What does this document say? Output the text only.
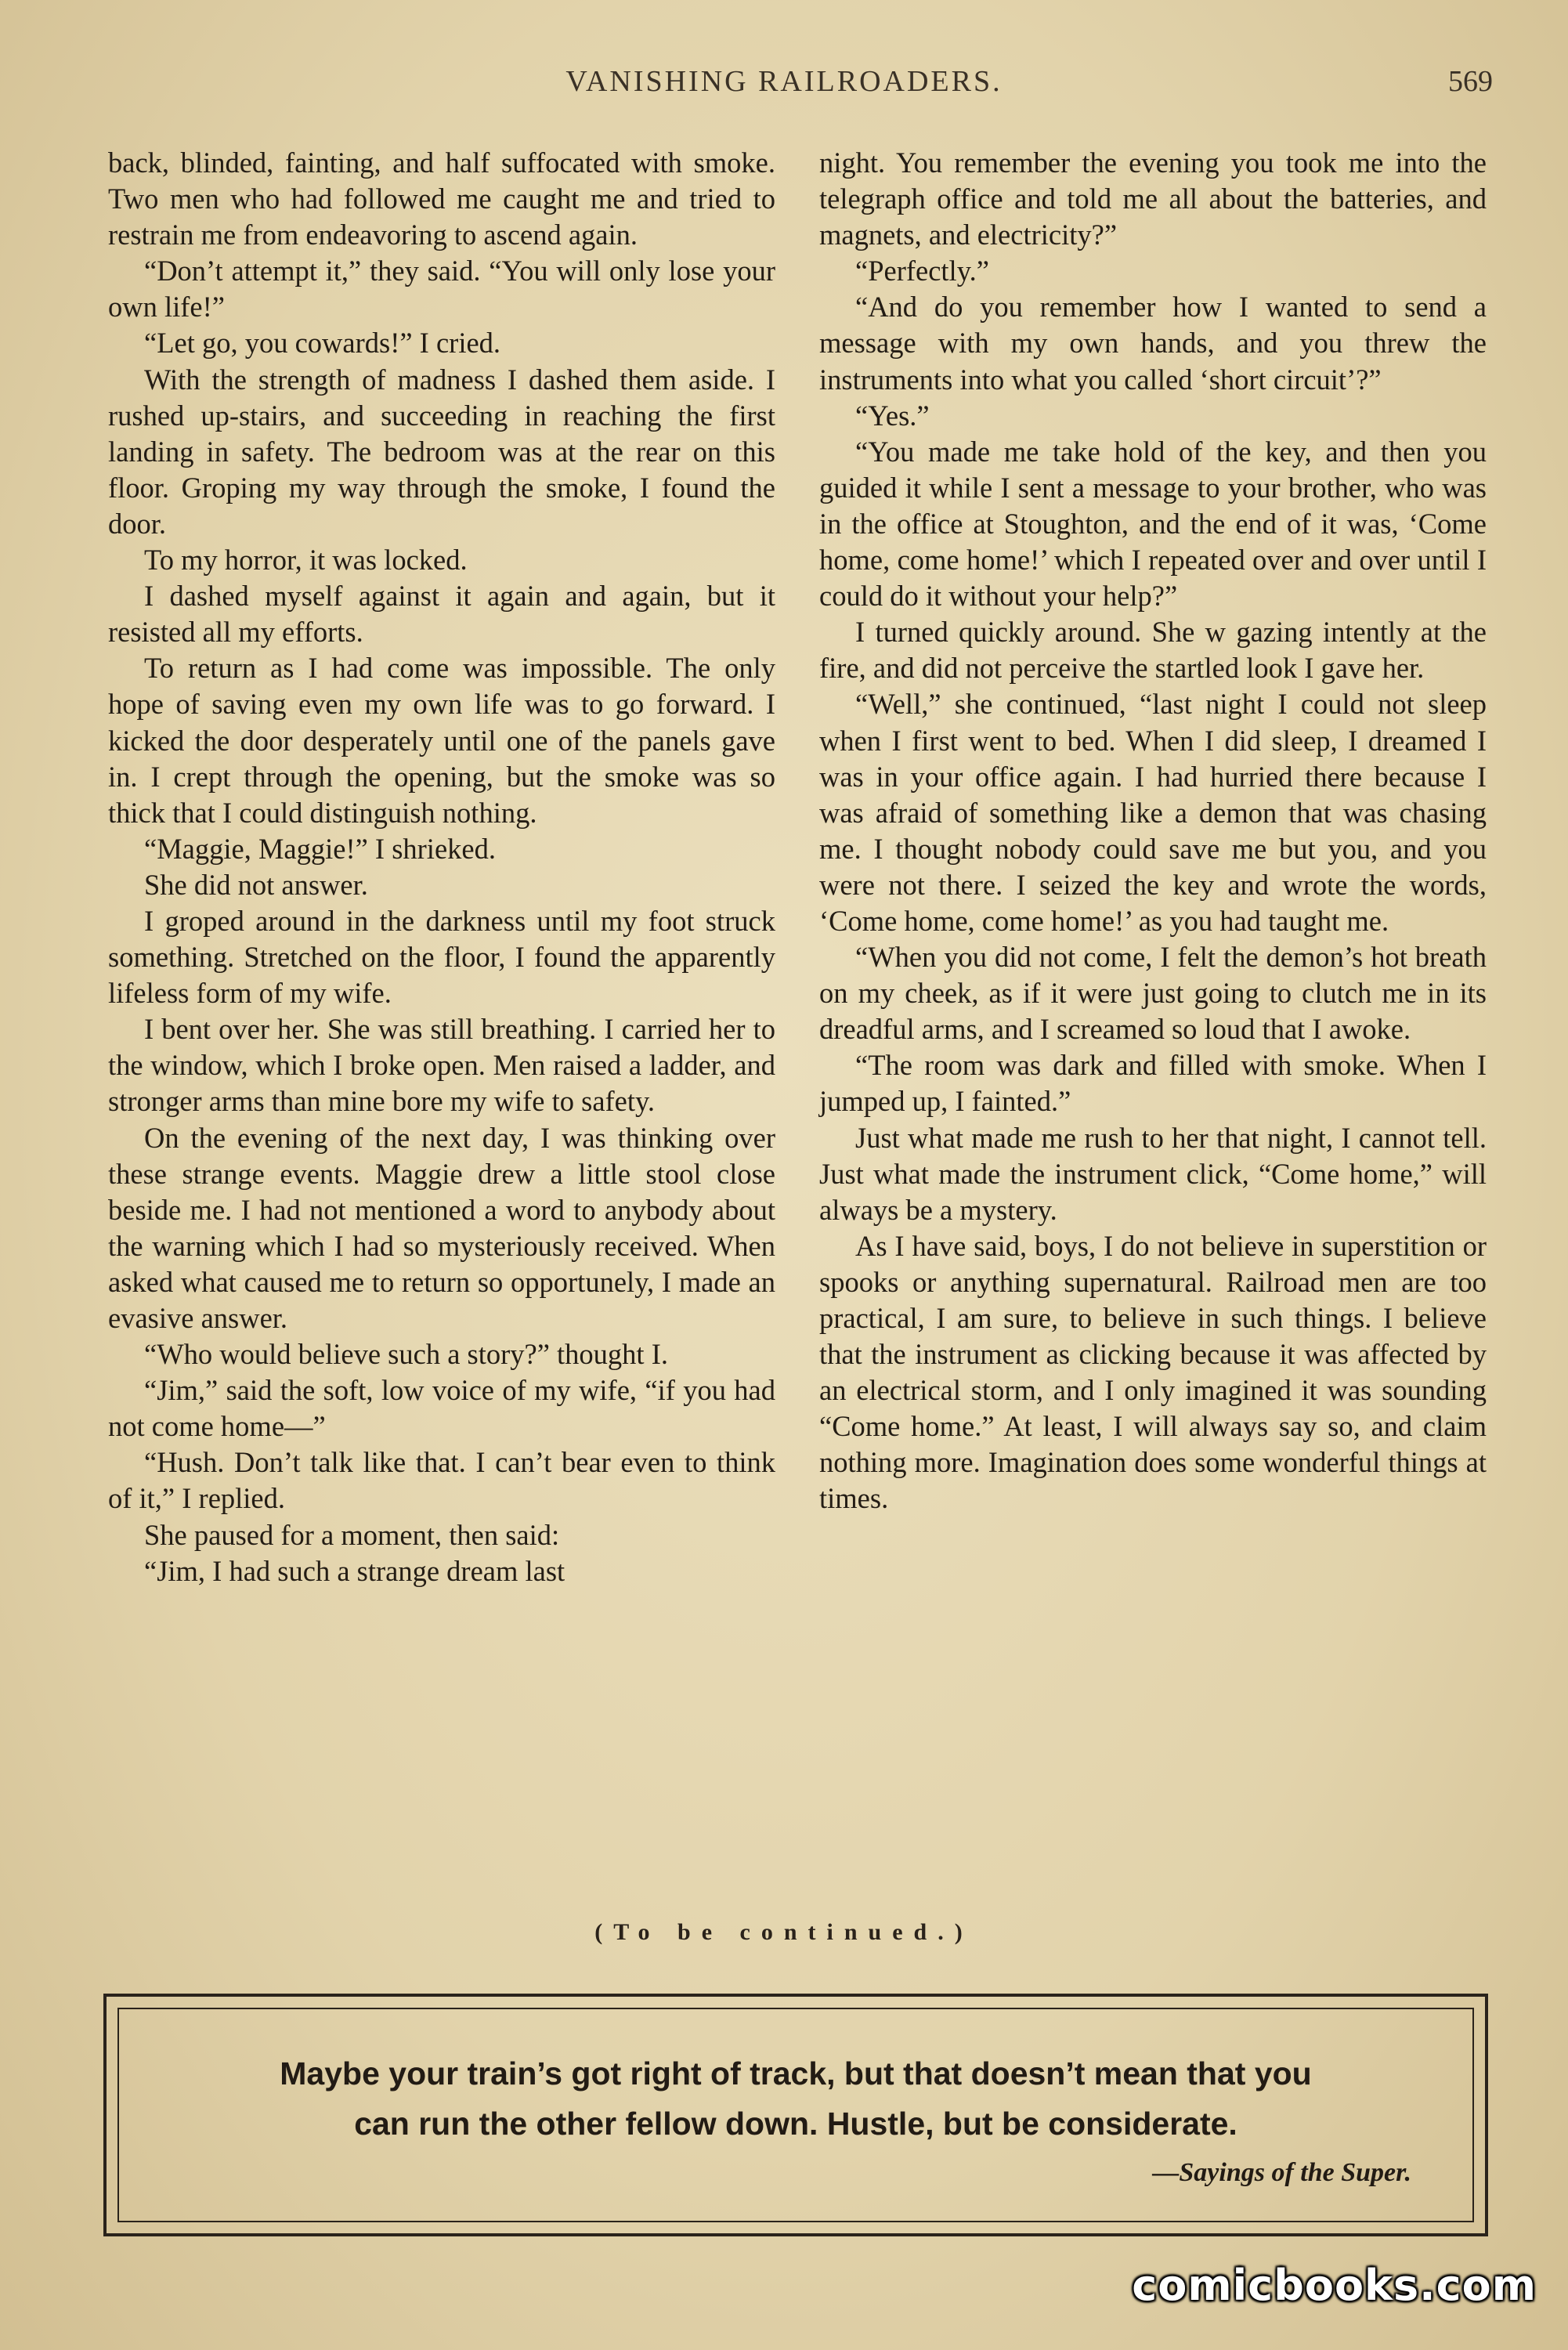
VANISHING RAILROADERS.	569

back, blinded, fainting, and half suffocated with smoke. Two men who had followed me caught me and tried to restrain me from endeavoring to ascend again.

“Don’t attempt it,” they said. “You will only lose your own life!”

“Let go, you cowards!” I cried.

With the strength of madness I dashed them aside. I rushed up-stairs, and succeeding in reaching the first landing in safety. The bedroom was at the rear on this floor. Groping my way through the smoke, I found the door.

To my horror, it was locked.

I dashed myself against it again and again, but it resisted all my efforts.

To return as I had come was impossible. The only hope of saving even my own life was to go forward. I kicked the door desperately until one of the panels gave in. I crept through the opening, but the smoke was so thick that I could distinguish nothing.

“Maggie, Maggie!” I shrieked.

She did not answer.

I groped around in the darkness until my foot struck something. Stretched on the floor, I found the apparently lifeless form of my wife.

I bent over her. She was still breathing. I carried her to the window, which I broke open. Men raised a ladder, and stronger arms than mine bore my wife to safety.

On the evening of the next day, I was thinking over these strange events. Maggie drew a little stool close beside me. I had not mentioned a word to anybody about the warning which I had so mysteriously received. When asked what caused me to return so opportunely, I made an evasive answer.

“Who would believe such a story?” thought I.

“Jim,” said the soft, low voice of my wife, “if you had not come home—”

“Hush. Don’t talk like that. I can’t bear even to think of it,” I replied.

She paused for a moment, then said:

“Jim, I had such a strange dream last

night. You remember the evening you took me into the telegraph office and told me all about the batteries, and magnets, and electricity?”

“Perfectly.”

“And do you remember how I wanted to send a message with my own hands, and you threw the instruments into what you called ‘short circuit’?”

“Yes.”

“You made me take hold of the key, and then you guided it while I sent a message to your brother, who was in the office at Stoughton, and the end of it was, ‘Come home, come home!’ which I repeated over and over until I could do it without your help?”

I turned quickly around. She w gazing intently at the fire, and did not perceive the startled look I gave her.

“Well,” she continued, “last night I could not sleep when I first went to bed. When I did sleep, I dreamed I was in your office again. I had hurried there because I was afraid of something like a demon that was chasing me. I thought nobody could save me but you, and you were not there. I seized the key and wrote the words, ‘Come home, come home!’ as you had taught me.

“When you did not come, I felt the demon’s hot breath on my cheek, as if it were just going to clutch me in its dreadful arms, and I screamed so loud that I awoke.

“The room was dark and filled with smoke. When I jumped up, I fainted.”

Just what made me rush to her that night, I cannot tell. Just what made the instrument click, “Come home,” will always be a mystery.

As I have said, boys, I do not believe in superstition or spooks or anything supernatural. Railroad men are too practical, I am sure, to believe in such things. I believe that the instrument as clicking because it was affected by an electrical storm, and I only imagined it was sounding “Come home.” At least, I will always say so, and claim nothing more. Imagination does some wonderful things at times.

(To be continued.)
Maybe your train’s got right of track, but that doesn’t mean that you
can run the other fellow down. Hustle, but be considerate.
—Sayings of the Super.
comicbooks.com
